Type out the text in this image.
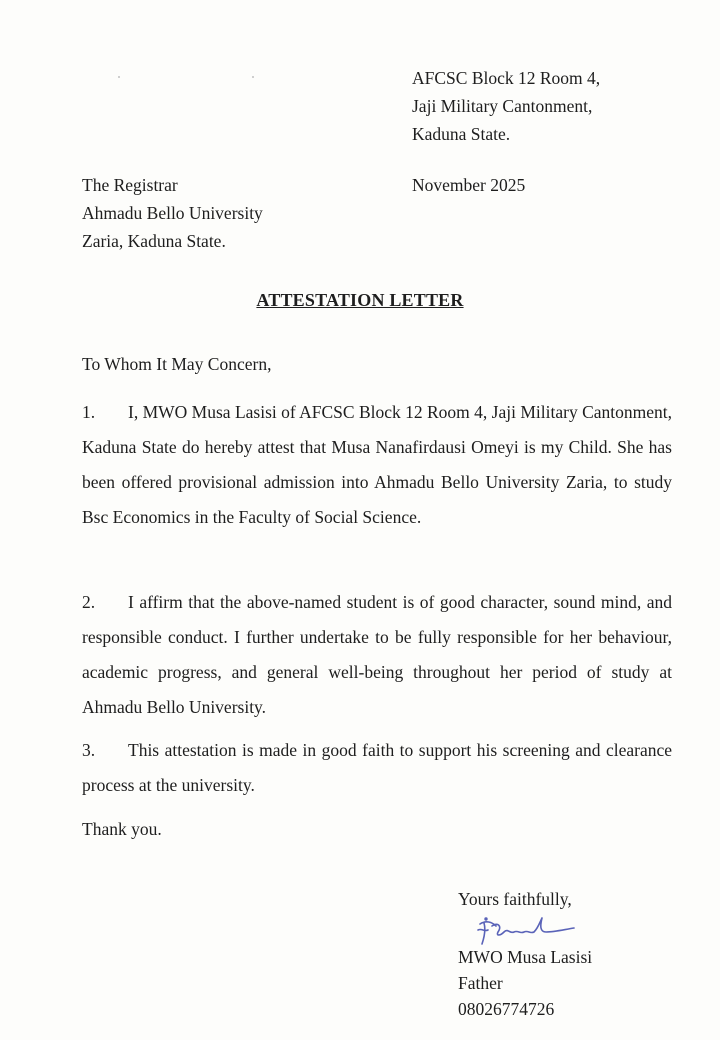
AFCSC Block 12 Room 4,
Jaji Military Cantonment,
Kaduna State.
The Registrar
Ahmadu Bello University
Zaria, Kaduna State.
November 2025
ATTESTATION LETTER
To Whom It May Concern,
1. I, MWO Musa Lasisi of AFCSC Block 12 Room 4, Jaji Military Cantonment, Kaduna State do hereby attest that Musa Nanafirdausi Omeyi is my Child. She has been offered provisional admission into Ahmadu Bello University Zaria, to study Bsc Economics in the Faculty of Social Science.
2. I affirm that the above-named student is of good character, sound mind, and responsible conduct. I further undertake to be fully responsible for her behaviour, academic progress, and general well-being throughout her period of study at Ahmadu Bello University.
3. This attestation is made in good faith to support his screening and clearance process at the university.
Thank you.
Yours faithfully,
MWO Musa Lasisi
Father
08026774726
